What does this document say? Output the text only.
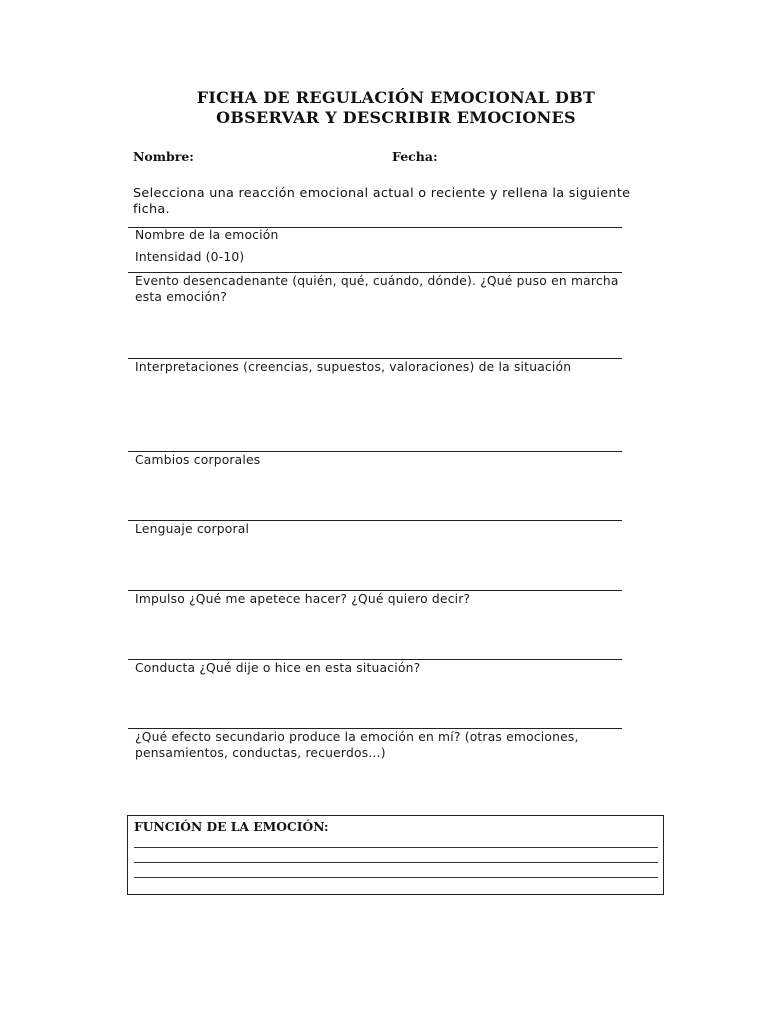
FICHA DE REGULACIÓN EMOCIONAL DBT
OBSERVAR Y DESCRIBIR EMOCIONES
Nombre:	Fecha:
Selecciona una reacción emocional actual o reciente y rellena la siguiente ficha.
Nombre de la emoción
Intensidad (0-10)
Evento desencadenante (quién, qué, cuándo, dónde). ¿Qué puso en marcha esta emoción?
Interpretaciones (creencias, supuestos, valoraciones) de la situación
Cambios corporales
Lenguaje corporal
Impulso ¿Qué me apetece hacer? ¿Qué quiero decir?
Conducta ¿Qué dije o hice en esta situación?
¿Qué efecto secundario produce la emoción en mí? (otras emociones, pensamientos, conductas, recuerdos…)
FUNCIÓN DE LA EMOCIÓN:
